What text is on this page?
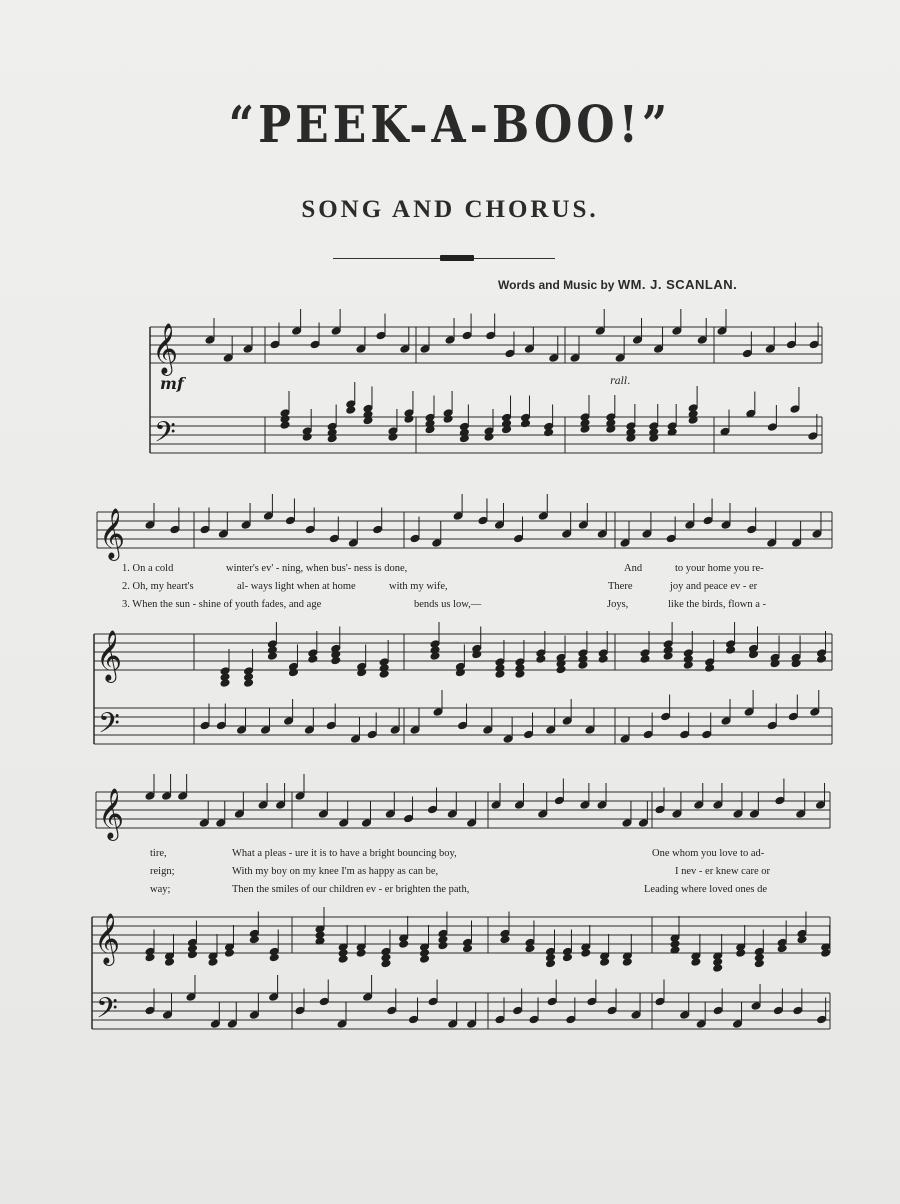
“PEEK-A-BOO!”
SONG AND CHORUS.
Words and Music by WM. J. SCANLAN.
𝄞
𝄢
𝄞
𝄞
𝄢
𝄞
𝄞
𝄢
mf	rall.
1. On a cold	winter's ev' - ning, when bus'- ness is done,	And	to your home you re-
2. Oh, my heart's	al- ways light when at home	with my wife,	There	joy and peace ev - er
3. When the sun - shine of youth fades, and age	bends us low,—	Joys,	like the birds, flown a -
tire,	What a pleas - ure it is to have a bright bouncing boy,	One whom you love to ad-
reign;	With my boy on my knee I'm as happy as can be,	I nev - er knew care or
way;	Then the smiles of our children ev - er brighten the path,	Leading where loved ones de
